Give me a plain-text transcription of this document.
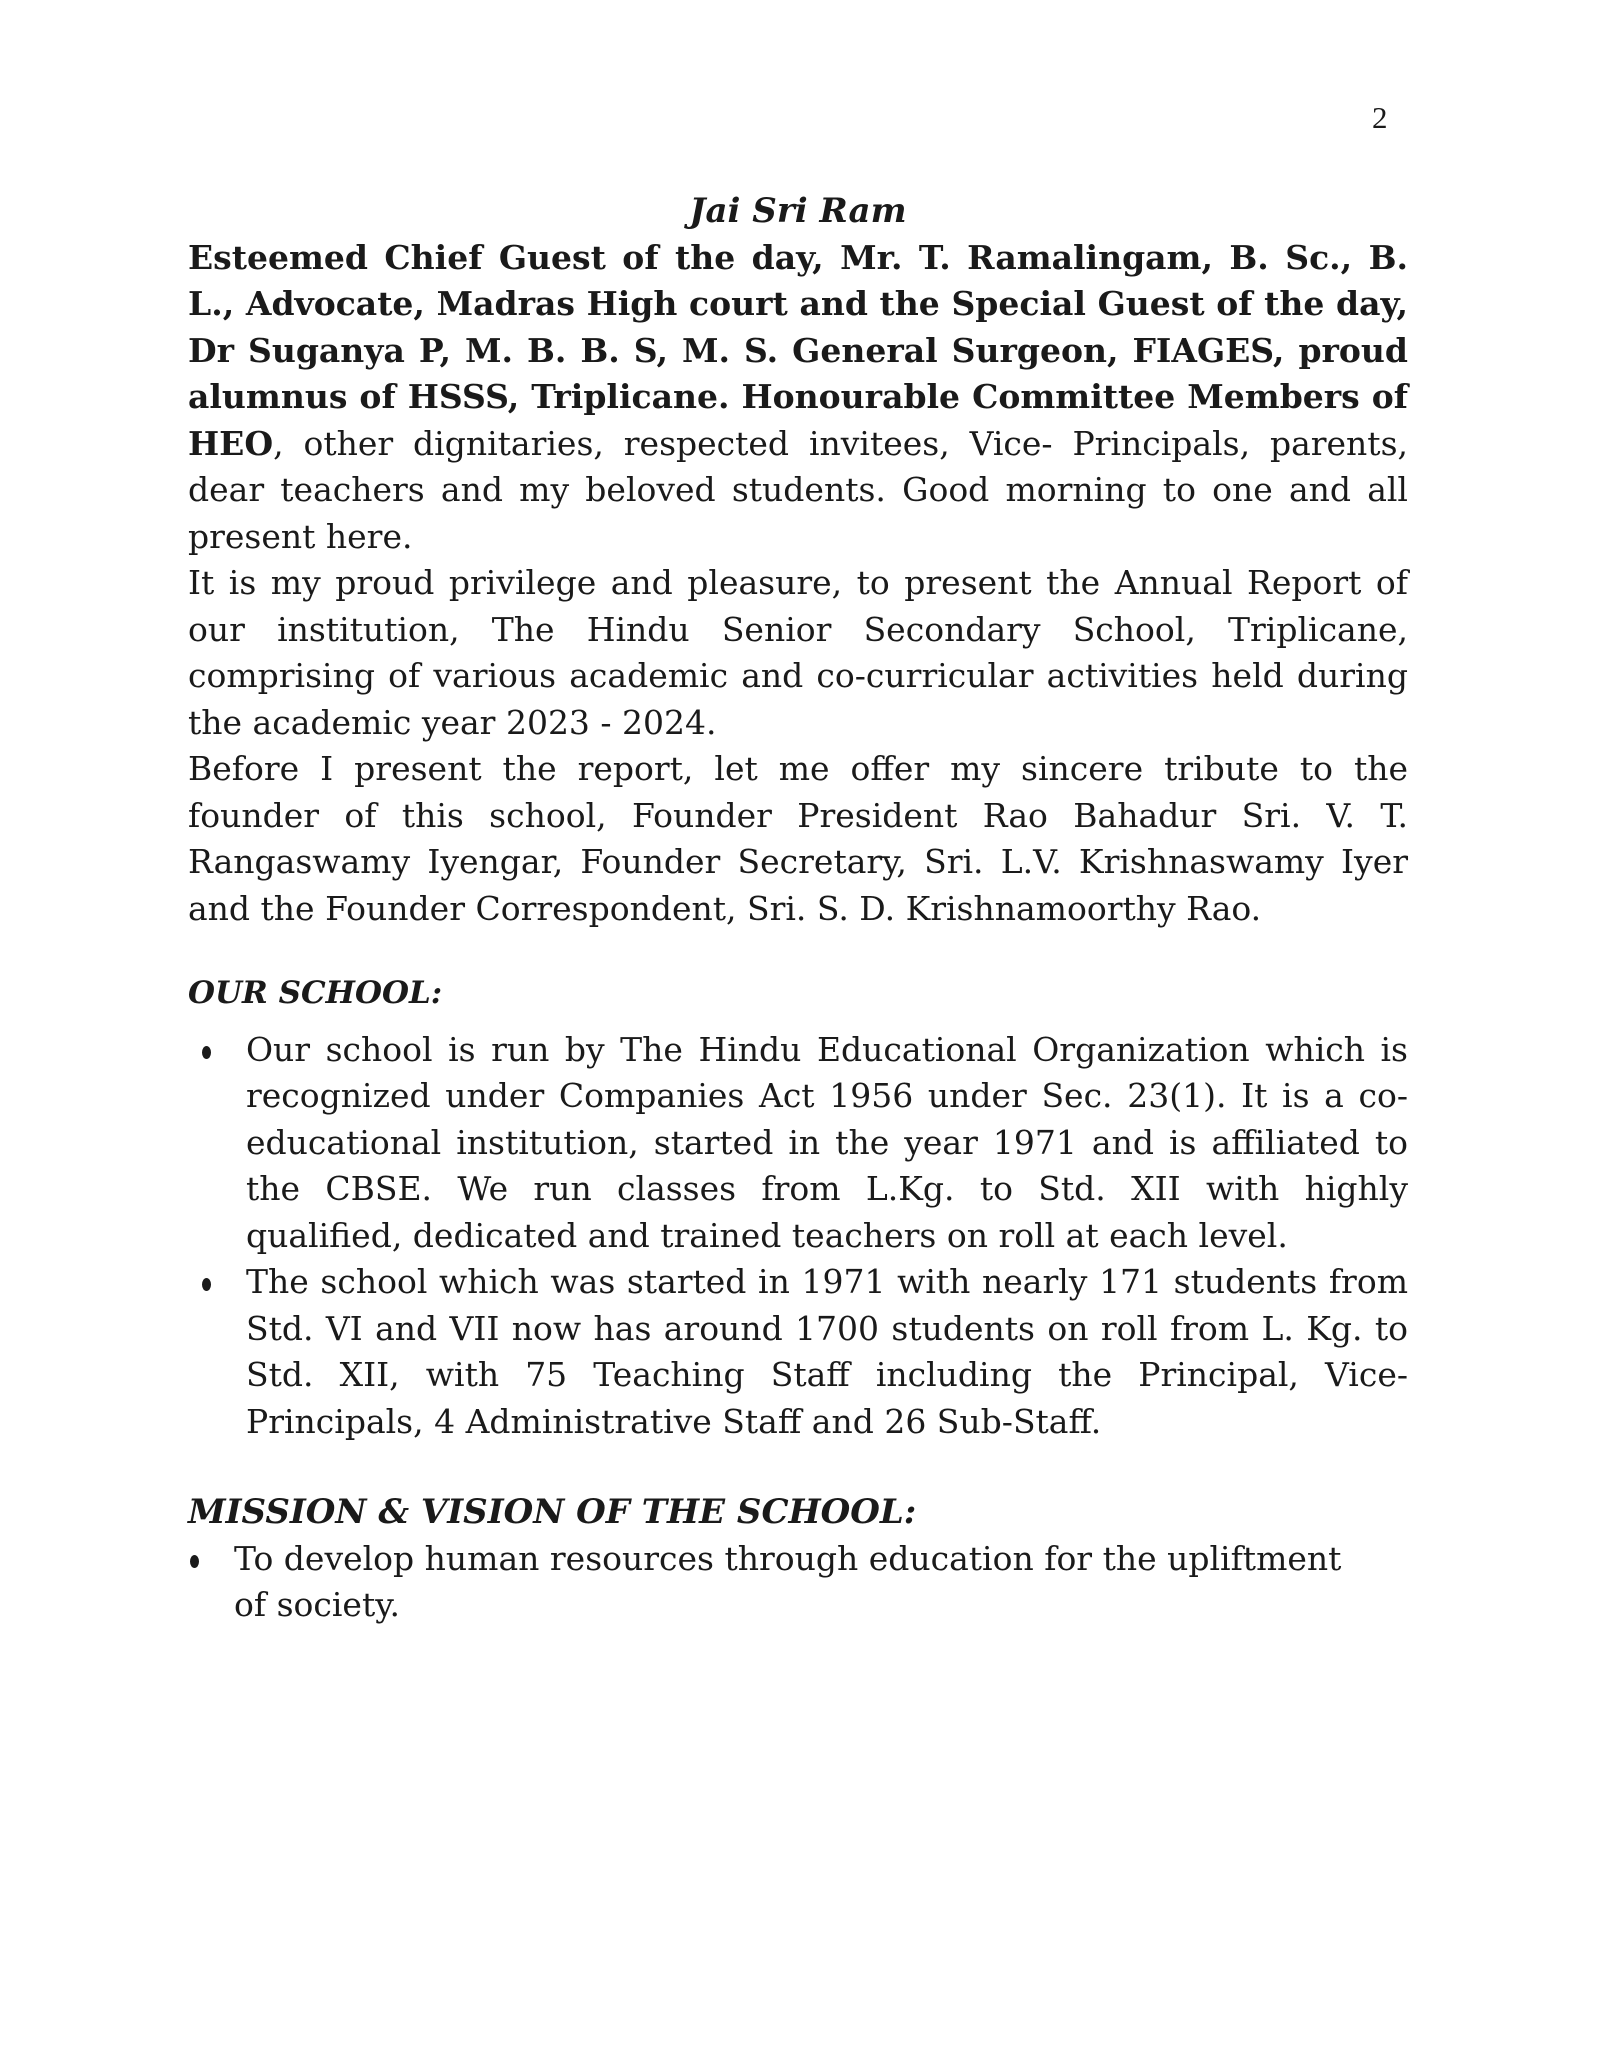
2

Jai Sri Ram

Esteemed Chief Guest of the day, Mr. T. Ramalingam, B. Sc., B. L., Advocate, Madras High court and the Special Guest of the day, Dr Suganya P, M. B. B. S, M. S. General Surgeon, FIAGES, proud alumnus of HSSS, Triplicane. Honourable Committee Members of HEO, other dignitaries, respected invitees, Vice- Principals, parents, dear teachers and my beloved students. Good morning to one and all present here.

It is my proud privilege and pleasure, to present the Annual Report of our institution, The Hindu Senior Secondary School, Triplicane, comprising of various academic and co-curricular activities held during the academic year 2023 - 2024.

Before I present the report, let me offer my sincere tribute to the founder of this school, Founder President Rao Bahadur Sri. V. T. Rangaswamy Iyengar, Founder Secretary, Sri. L.V. Krishnaswamy Iyer and the Founder Correspondent, Sri. S. D. Krishnamoorthy Rao.

OUR SCHOOL:

Our school is run by The Hindu Educational Organization which is recognized under Companies Act 1956 under Sec. 23(1). It is a co-educational institution, started in the year 1971 and is affiliated to the CBSE. We run classes from L.Kg. to Std. XII with highly qualified, dedicated and trained teachers on roll at each level.
The school which was started in 1971 with nearly 171 students from Std. VI and VII now has around 1700 students on roll from L. Kg. to Std. XII, with 75 Teaching Staff including the Principal, Vice-Principals, 4 Administrative Staff and 26 Sub-Staff.

MISSION & VISION OF THE SCHOOL:

To develop human resources through education for the upliftment of society.
